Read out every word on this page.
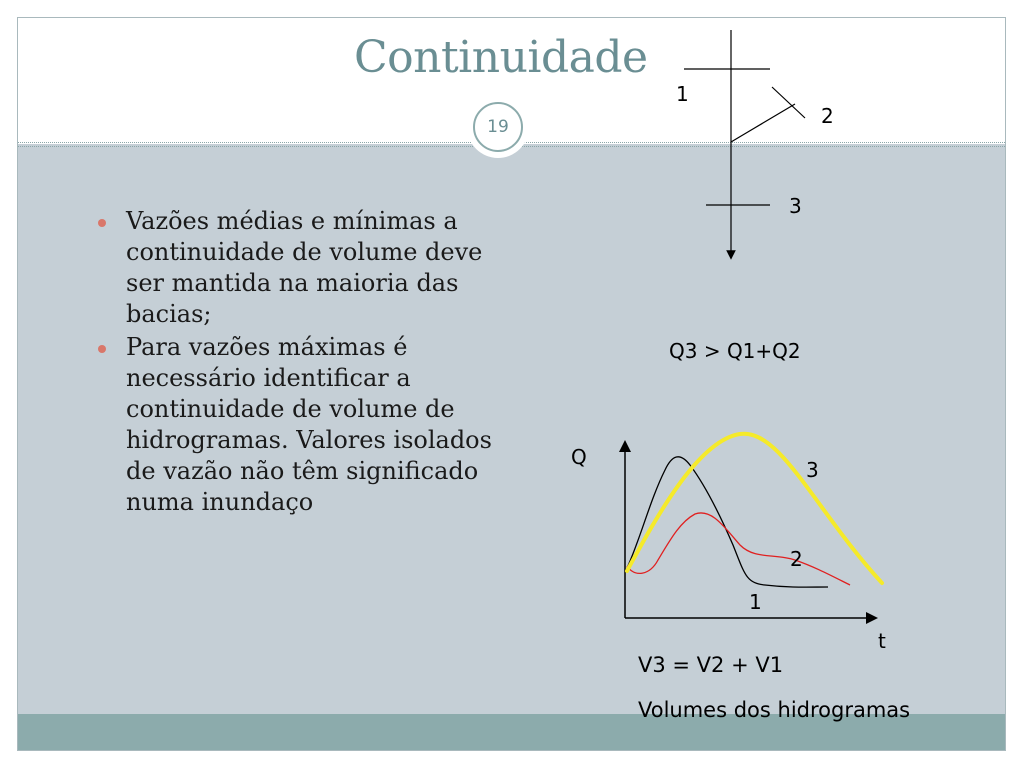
Continuidade
19
Vazões médias e mínimas a continuidade de volume deve ser mantida na maioria das bacias;
Para vazões máximas é necessário identificar a continuidade de volume de hidrogramas. Valores isolados de vazão não têm significado numa inundaço
1
2
3
Q3 > Q1+Q2
Q
t
3
2
1
V3 = V2 + V1
Volumes dos hidrogramas
